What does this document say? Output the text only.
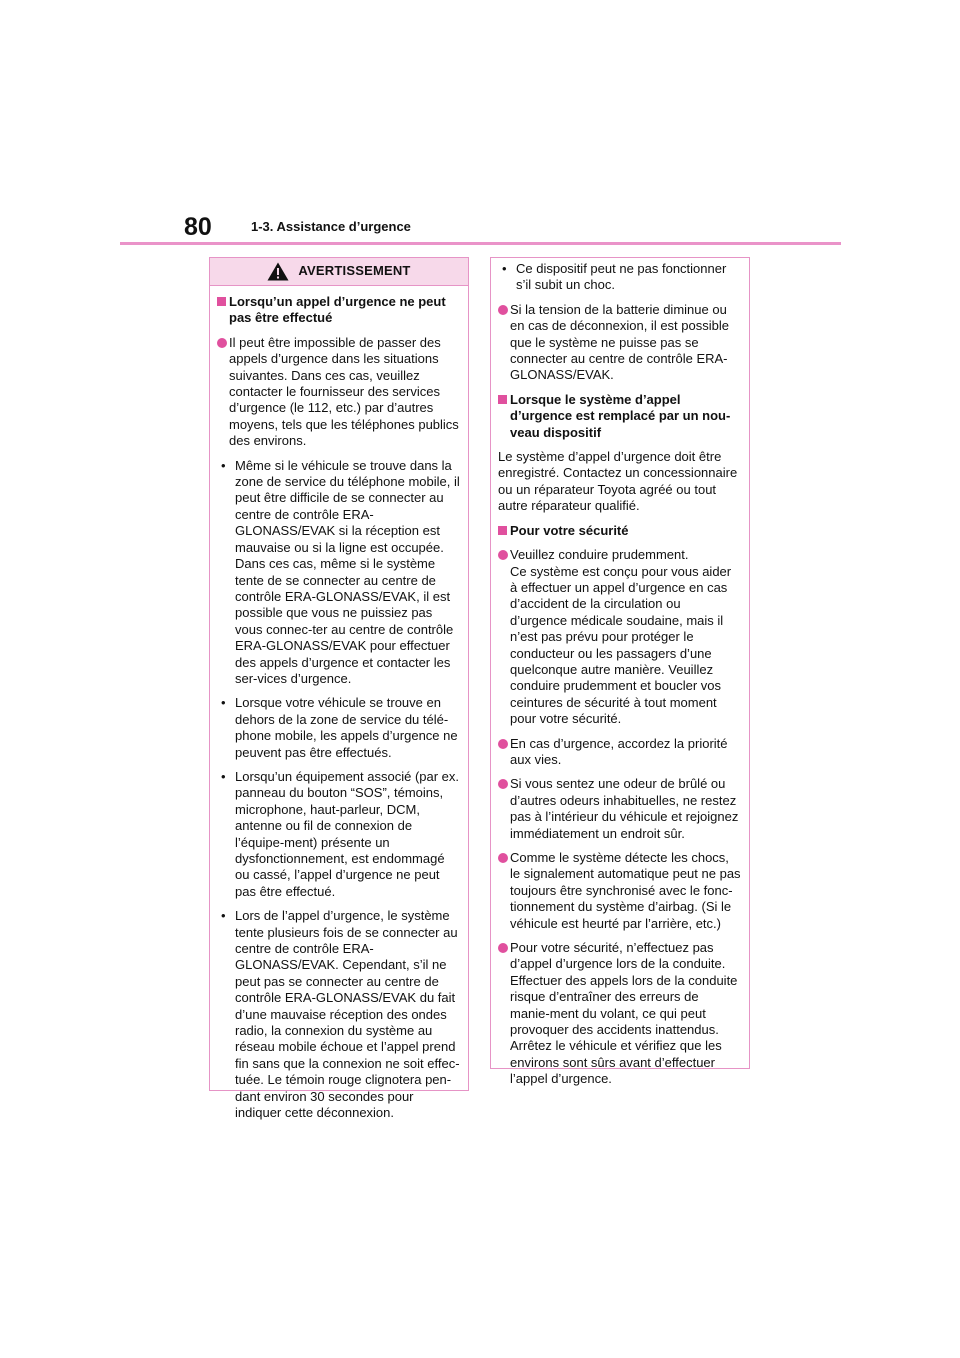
80	1-3. Assistance d’urgence
AVERTISSEMENT
Lorsqu’un appel d’urgence ne peut pas être effectué
Il peut être impossible de passer des appels d’urgence dans les situations suivantes. Dans ces cas, veuillez contacter le fournisseur des services d’urgence (le 112, etc.) par d’autres moyens, tels que les téléphones publics des environs.
• Même si le véhicule se trouve dans la zone de service du téléphone mobile, il peut être difficile de se connecter au centre de contrôle ERA-GLONASS/EVAK si la réception est mauvaise ou si la ligne est occupée. Dans ces cas, même si le système tente de se connecter au centre de contrôle ERA-GLONASS/EVAK, il est possible que vous ne puissiez pas vous connec-ter au centre de contrôle ERA-GLONASS/EVAK pour effectuer des appels d’urgence et contacter les ser-vices d’urgence.
• Lorsque votre véhicule se trouve en dehors de la zone de service du télé-phone mobile, les appels d’urgence ne peuvent pas être effectués.
• Lorsqu’un équipement associé (par ex. panneau du bouton “SOS”, témoins, microphone, haut-parleur, DCM, antenne ou fil de connexion de l’équipe-ment) présente un dysfonctionnement, est endommagé ou cassé, l’appel d’urgence ne peut pas être effectué.
• Lors de l’appel d’urgence, le système tente plusieurs fois de se connecter au centre de contrôle ERA-GLONASS/EVAK. Cependant, s’il ne peut pas se connecter au centre de contrôle ERA-GLONASS/EVAK du fait d’une mauvaise réception des ondes radio, la connexion du système au réseau mobile échoue et l’appel prend fin sans que la connexion ne soit effec-tuée. Le témoin rouge clignotera pen-dant environ 30 secondes pour indiquer cette déconnexion.
• Ce dispositif peut ne pas fonctionner s’il subit un choc.
Si la tension de la batterie diminue ou en cas de déconnexion, il est possible que le système ne puisse pas se connecter au centre de contrôle ERA-GLONASS/EVAK.
Lorsque le système d’appel d’urgence est remplacé par un nou-veau dispositif
Le système d’appel d’urgence doit être enregistré. Contactez un concessionnaire ou un réparateur Toyota agréé ou tout autre réparateur qualifié.
Pour votre sécurité
Veuillez conduire prudemment.
Ce système est conçu pour vous aider à effectuer un appel d’urgence en cas d’accident de la circulation ou d’urgence médicale soudaine, mais il n’est pas prévu pour protéger le conducteur ou les passagers d’une quelconque autre manière. Veuillez conduire prudemment et boucler vos ceintures de sécurité à tout moment pour votre sécurité.
En cas d’urgence, accordez la priorité aux vies.
Si vous sentez une odeur de brûlé ou d’autres odeurs inhabituelles, ne restez pas à l’intérieur du véhicule et rejoignez immédiatement un endroit sûr.
Comme le système détecte les chocs, le signalement automatique peut ne pas toujours être synchronisé avec le fonc-tionnement du système d’airbag. (Si le véhicule est heurté par l’arrière, etc.)
Pour votre sécurité, n’effectuez pas d’appel d’urgence lors de la conduite. Effectuer des appels lors de la conduite risque d’entraîner des erreurs de manie-ment du volant, ce qui peut provoquer des accidents inattendus.
Arrêtez le véhicule et vérifiez que les environs sont sûrs avant d’effectuer l’appel d’urgence.
